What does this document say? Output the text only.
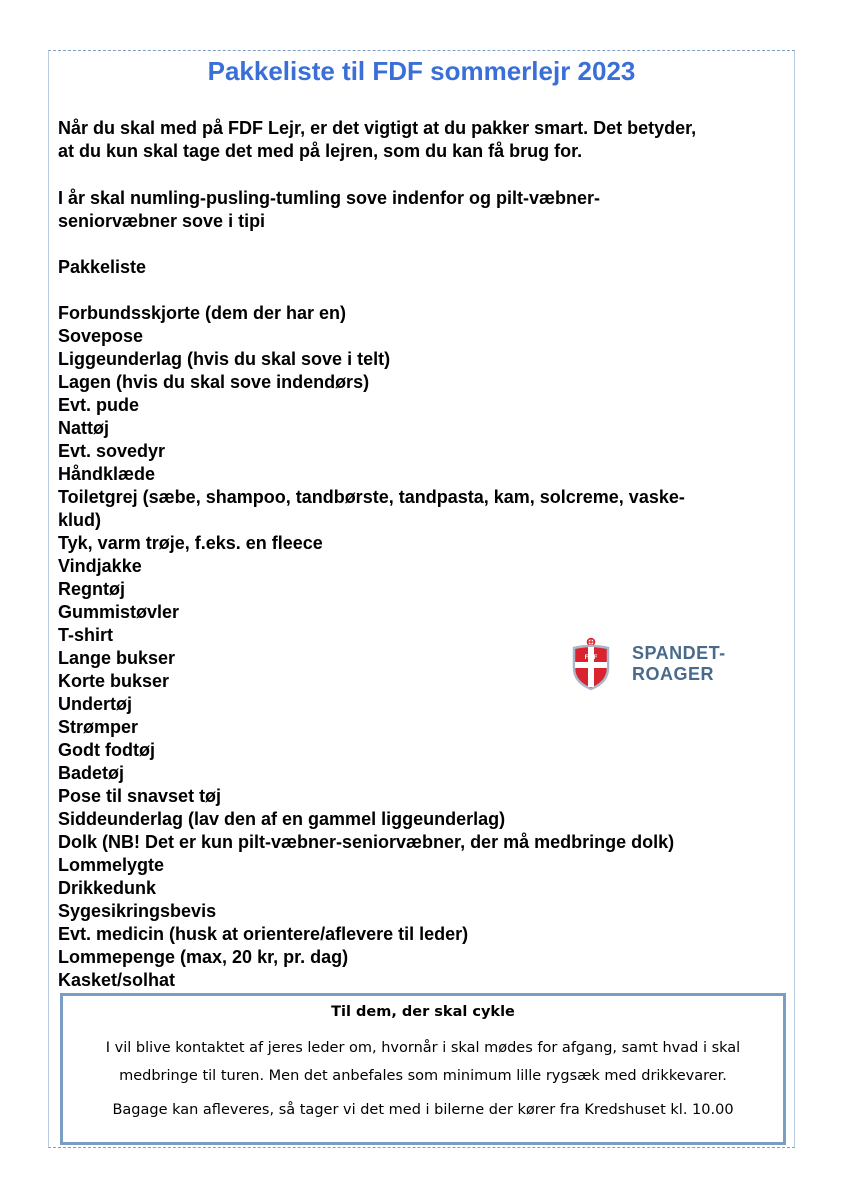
Pakkeliste til FDF sommerlejr 2023
Når du skal med på FDF Lejr, er det vigtigt at du pakker smart. Det betyder,
at du kun skal tage det med på lejren, som du kan få brug for.
I år skal numling-pusling-tumling sove indenfor og pilt-væbner-
seniorvæbner sove i tipi
Pakkeliste
Forbundsskjorte (dem der har en)
Sovepose
Liggeunderlag (hvis du skal sove i telt)
Lagen (hvis du skal sove indendørs)
Evt. pude
Nattøj
Evt. sovedyr
Håndklæde
Toiletgrej (sæbe, shampoo, tandbørste, tandpasta, kam, solcreme, vaske-
klud)
Tyk, varm trøje, f.eks. en fleece
Vindjakke
Regntøj
Gummistøvler
T-shirt
Lange bukser
Korte bukser
Undertøj
Strømper
Godt fodtøj
Badetøj
Pose til snavset tøj
Siddeunderlag (lav den af en gammel liggeunderlag)
Dolk (NB! Det er kun pilt-væbner-seniorvæbner, der må medbringe dolk)
Lommelygte
Drikkedunk
Sygesikringsbevis
Evt. medicin (husk at orientere/aflevere til leder)
Lommepenge (max, 20 kr, pr. dag)
Kasket/solhat
FDF SPANDET-
ROAGER

Til dem, der skal cykle

I vil blive kontaktet af jeres leder om, hvornår i skal mødes for afgang, samt hvad i skal

medbringe til turen. Men det anbefales som minimum lille rygsæk med drikkevarer.

Bagage kan afleveres, så tager vi det med i bilerne der kører fra Kredshuset kl. 10.00
